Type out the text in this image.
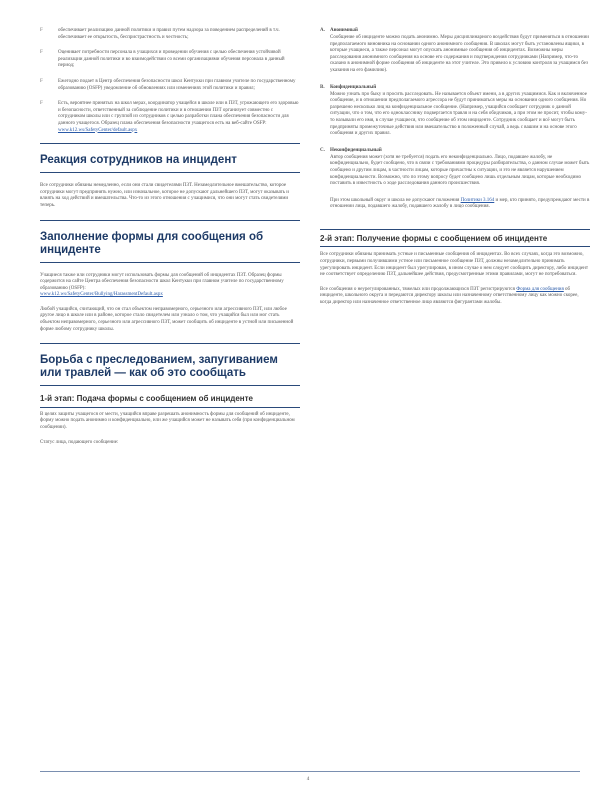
F	обеспечивает реализацию данной политики и правил путем надзора за поведением распределений в т.ч. обеспечивает ее открытость, беспристрастность и честность;

F	Оценивает потребности персонала в учащихся и проведении обучения с целью обеспечения устойчивой реализации данной политики и во взаимодействии со всеми организациями обучения персонала в данный период;

F	Ежегодно подает в Центр обеспечения безопасности школ Кентукки при главном учителе по государственному образованию (OSFP) уведомление об обновлениях или изменениях этой политики и правил;

F	Есть, вероятнее принятых на школ мерах, координатор учащейся в школе или в ПЗТ, угрожающего его здоровью и безопасности, ответственный за соблюдение политики и в отношении ПЗТ организует совместно с сотрудником школы или с группой из сотрудников с целью разработки плана обеспечения безопасности для данного учащегося. Образец плана обеспечения безопасности учащегося есть на веб-сайте OSFP: www.k12.ws/SafetyCenter/default.aspx

Реакция сотрудников на инцидент

Все сотрудники обязаны немедленно, если они стали свидетелями ПЗТ. Незамедлительное вмешательство, которое сотрудники могут предпринять нужно, или изначальное, которое не допускают дальнейшего ПЗТ, могут оказывать и влиять на ход действий и вмешательства. Что-то из этого отношения с учащимися, что они могут стать свидетелями теперь.

Заполнение формы для сообщения об инциденте

Учащиеся также или сотрудники могут использовать формы для сообщений об инцидентах ПЗТ. Образец формы содержится на сайте Центра обеспечения безопасности школ Кентукки при главном учителе по государственному образованию (OSFP):

www.k12.ws/SafetyCenter/Bullying/HarassmentDefault.aspx

Любой учащийся, считающий, что он стал объектом неправомерного, серьезного или агрессивного ПЗТ, или любое другое лицо в школе или в районе, которое стало свидетелем или узнало о том, что учащийся был или мог стать объектом неправомерного, серьезного или агрессивного ПЗТ, может сообщить об инциденте в устной или письменной форме любому сотруднику школы.

Борьба с преследованием, запугиванием или травлей — как об это сообщать
1-й этап: Подача формы с сообщением об инциденте

В целях защиты учащегося от мести, учащийся вправе разрешать анонимность формы для сообщений об инциденте, форму можно подать анонимно и конфиденциально, или же учащийся может не называть себя (при конфиденциальном сообщении).

Статус лица, подающего сообщение:

A. Анонимный

Сообщение об инциденте можно подать анонимно. Меры дисциплинарного воздействия будут применяться в отношении предполагаемого виновника на основании одного анонимного сообщения. В школах могут быть установлены ящики, в которые учащиеся, а также персонал могут опускать анонимные сообщения об инцидентах. Возможны меры расследования анонимного сообщения на основе его содержания и подтверждения сотрудниками (Например, что-то сказано в анонимной форме сообщения об инциденте на этот учителе. Это привело к условию контроля за учащимся без указания на его фамилию).

B. Конфиденциальный

Можно узнать про быку и просить расследовать. Не называется объект имени, а в других учащимися. Как и включенное сообщение, и в отношении предполагаемого агрессора не будут приниматься меры на основании одного сообщения. Но разрешено несколько лиц на конфиденциальное сообщение. (Например, учащийся сообщает сотрудник о данной ситуации, что о том, что его однокласснику подвергается травля и на себя обидчиков, а при этом не просит, чтобы кому-то называли его имя, в случае учащиеся, что сообщение об этом инциденте. Сотрудник сообщает и всё могут быть предприняты промежуточные действия или вмешательство в положенный случай, а ведь с вашим и на основе этого сообщения и других правил.

C. Неконфиденциальный

Автор сообщения может (хотя не требуется) подать его неконфиденциально. Лицо, подавшее жалобу, не конфиденциально, будет сообщено, что в связи с требованиями процедуры разбирательства, о данном случае может быть сообщено и другим лицам, в частности лицам, которые причастны к ситуации, и это не является нарушением конфиденциальности. Возможно, что по этому вопросу будет сообщено лишь отдельным лицам, которые необходимо поставить в известность о ходе расследования данного происшествия.

При этом школьный округ и школа не допускают положения Политики 3.164 и мер, кто принято, предупреждают мести в отношении лица, подавшего жалобу, подавшего жалобу в лицо сообщения.

2-й этап: Получение формы с сообщением об инциденте

Все сотрудники обязаны принимать устные и письменные сообщения об инцидентах. Во всех случаях, когда это возможно, сотрудники, первыми получившими устное или письменное сообщение ПЗТ, должны незамедлительно принимать урегулировать инцидент. Если инцидент был урегулирован, в ином случае о нем следует сообщить директору, либо инцидент не соответствует определению ПЗТ, дальнейшее действия, предусмотренные этими правилами, могут не потребоваться.

Все сообщения о неурегулированных, тяжелых или продолжающихся ПЗТ регистрируются Форма для сообщения об инциденте, школьного округа и передаются директору школы или назначенному ответственному лицу как можно скорее, когда директор или назначенное ответственное лицо являются фигурантами жалобы.

4
